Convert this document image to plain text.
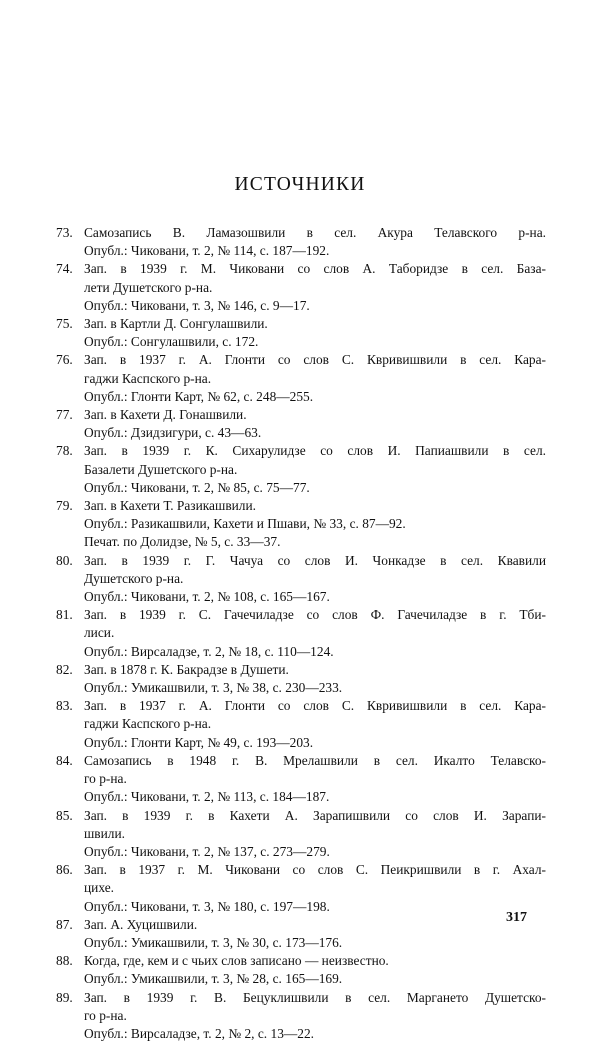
ИСТОЧНИКИ
73. Самозапись В. Ламазошвили в сел. Акура Телавского р-на.
Опубл.: Чиковани, т. 2, № 114, с. 187—192.
74. Зап. в 1939 г. М. Чиковани со слов А. Таборидзе в сел. База-
лети Душетского р-на.
Опубл.: Чиковани, т. 3, № 146, с. 9—17.
75. Зап. в Картли Д. Сонгулашвили.
Опубл.: Сонгулашвили, с. 172.
76. Зап. в 1937 г. А. Глонти со слов С. Квривишвили в сел. Кара-
гаджи Каспского р-на.
Опубл.: Глонти Карт, № 62, с. 248—255.
77. Зап. в Кахети Д. Гонашвили.
Опубл.: Дзидзигури, с. 43—63.
78. Зап. в 1939 г. К. Сихарулидзе со слов И. Папиашвили в сел.
Базалети Душетского р-на.
Опубл.: Чиковани, т. 2, № 85, с. 75—77.
79. Зап. в Кахети Т. Разикашвили.
Опубл.: Разикашвили, Кахети и Пшави, № 33, с. 87—92.
Печат. по Долидзе, № 5, с. 33—37.
80. Зап. в 1939 г. Г. Чачуа со слов И. Чонкадзе в сел. Квавили
Душетского р-на.
Опубл.: Чиковани, т. 2, № 108, с. 165—167.
81. Зап. в 1939 г. С. Гачечиладзе со слов Ф. Гачечиладзе в г. Тби-
лиси.
Опубл.: Вирсаладзе, т. 2, № 18, с. 110—124.
82. Зап. в 1878 г. К. Бакрадзе в Душети.
Опубл.: Умикашвили, т. 3, № 38, с. 230—233.
83. Зап. в 1937 г. А. Глонти со слов С. Квривишвили в сел. Кара-
гаджи Каспского р-на.
Опубл.: Глонти Карт, № 49, с. 193—203.
84. Самозапись в 1948 г. В. Мрелашвили в сел. Икалто Телавско-
го р-на.
Опубл.: Чиковани, т. 2, № 113, с. 184—187.
85. Зап. в 1939 г. в Кахети А. Зарапишвили со слов И. Зарапи-
швили.
Опубл.: Чиковани, т. 2, № 137, с. 273—279.
86. Зап. в 1937 г. М. Чиковани со слов С. Пеикришвили в г. Ахал-
цихе.
Опубл.: Чиковани, т. 3, № 180, с. 197—198.
87. Зап. А. Хуцишвили.
Опубл.: Умикашвили, т. 3, № 30, с. 173—176.
88. Когда, где, кем и с чьих слов записано — неизвестно.
Опубл.: Умикашвили, т. 3, № 28, с. 165—169.
89. Зап. в 1939 г. В. Бецуклишвили в сел. Маргането Душетско-
го р-на.
Опубл.: Вирсаладзе, т. 2, № 2, с. 13—22.
317
